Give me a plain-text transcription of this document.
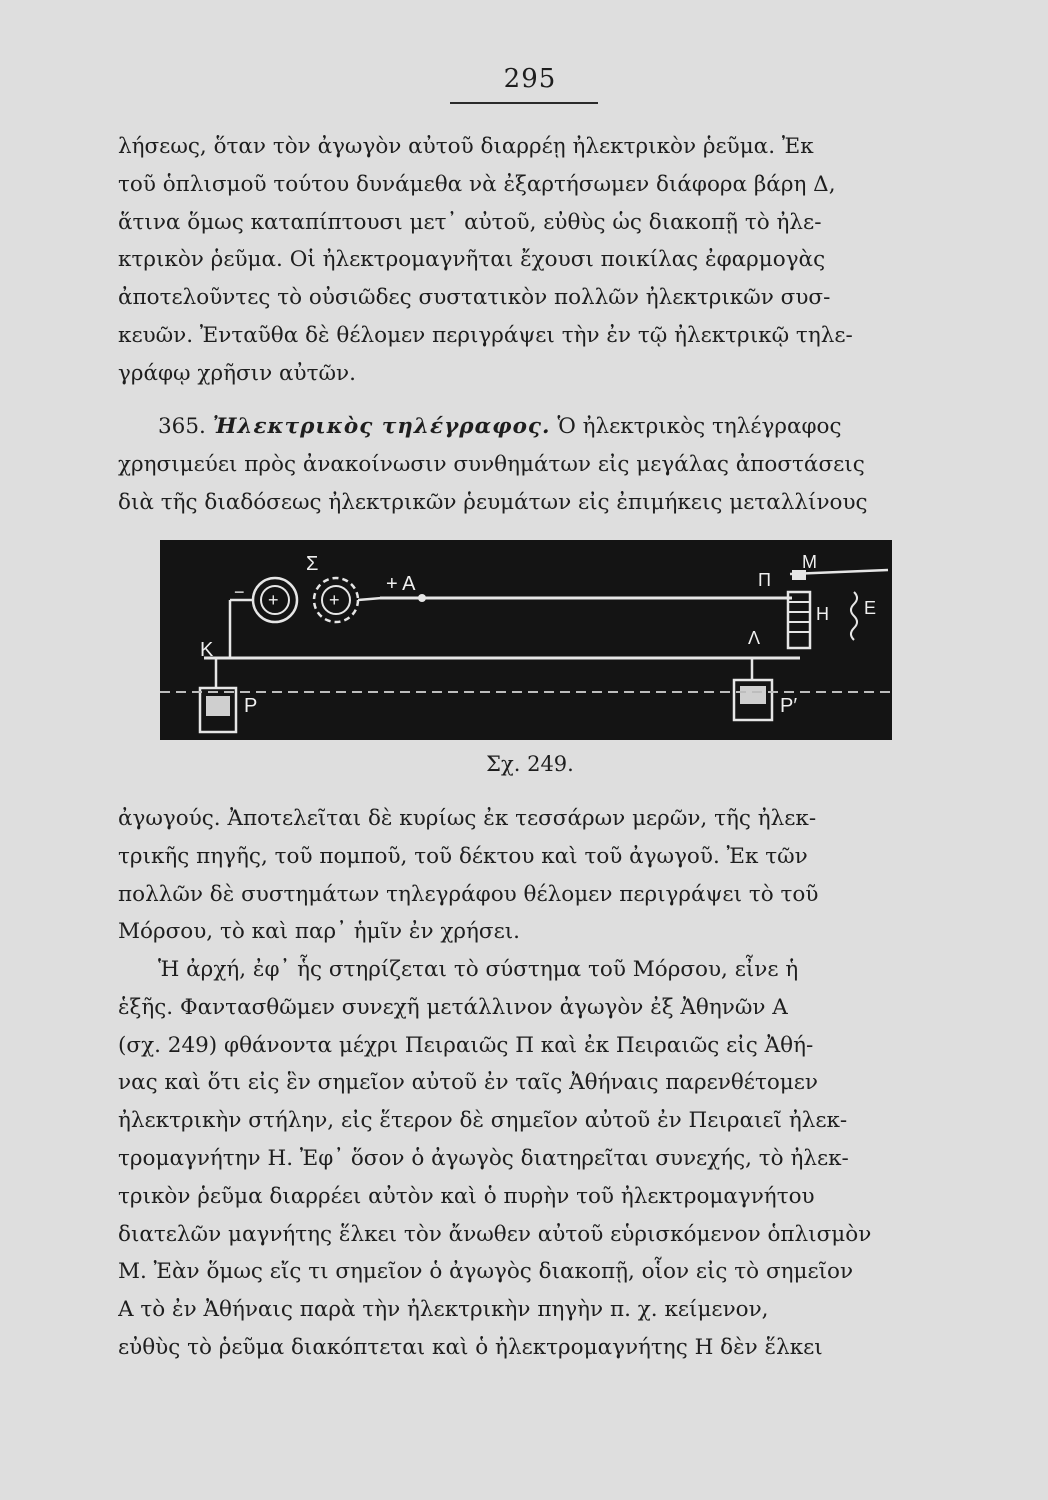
295
λήσεως, ὅταν τὸν ἀγωγὸν αὐτοῦ διαρρέῃ ἠλεκτρικὸν ῥεῦμα. Ἐκ
τοῦ ὁπλισμοῦ τούτου δυνάμεθα νὰ ἐξαρτήσωμεν διάφορα βάρη Δ,
ἅτινα ὅμως καταπίπτουσι μετ᾽ αὐτοῦ, εὐθὺς ὡς διακοπῇ τὸ ἠλε-
κτρικὸν ῥεῦμα. Οἱ ἠλεκτρομαγνῆται ἔχουσι ποικίλας ἐφαρμογὰς
ἀποτελοῦντες τὸ οὐσιῶδες συστατικὸν πολλῶν ἠλεκτρικῶν συσ-
κευῶν. Ἐνταῦθα δὲ θέλομεν περιγράψει τὴν ἐν τῷ ἠλεκτρικῷ τηλε-
γράφῳ χρῆσιν αὐτῶν.
365. Ἠλεκτρικὸς τηλέγραφος. Ὁ ἠλεκτρικὸς τηλέγραφος
χρησιμεύει πρὸς ἀνακοίνωσιν συνθημάτων εἰς μεγάλας ἀποστάσεις
διὰ τῆς διαδόσεως ἠλεκτρικῶν ῥευμάτων εἰς ἐπιμήκεις μεταλλίνους
Σ
+ A
− +	+
Π
M
H E
Λ
K
P	P′
Σχ. 249.
ἀγωγούς. Ἀποτελεῖται δὲ κυρίως ἐκ τεσσάρων μερῶν, τῆς ἠλεκ-
τρικῆς πηγῆς, τοῦ πομποῦ, τοῦ δέκτου καὶ τοῦ ἀγωγοῦ. Ἐκ τῶν
πολλῶν δὲ συστημάτων τηλεγράφου θέλομεν περιγράψει τὸ τοῦ
Μόρσου, τὸ καὶ παρ᾽ ἡμῖν ἐν χρήσει.
Ἡ ἀρχή, ἐφ᾽ ἧς στηρίζεται τὸ σύστημα τοῦ Μόρσου, εἶνε ἡ
ἑξῆς. Φαντασθῶμεν συνεχῆ μετάλλινον ἀγωγὸν ἐξ Ἀθηνῶν Α
(σχ. 249) φθάνοντα μέχρι Πειραιῶς Π καὶ ἐκ Πειραιῶς εἰς Ἀθή-
νας καὶ ὅτι εἰς ἓν σημεῖον αὐτοῦ ἐν ταῖς Ἀθήναις παρενθέτομεν
ἠλεκτρικὴν στήλην, εἰς ἕτερον δὲ σημεῖον αὐτοῦ ἐν Πειραιεῖ ἠλεκ-
τρομαγνήτην Η. Ἐφ᾽ ὅσον ὁ ἀγωγὸς διατηρεῖται συνεχής, τὸ ἠλεκ-
τρικὸν ῥεῦμα διαρρέει αὐτὸν καὶ ὁ πυρὴν τοῦ ἠλεκτρομαγνήτου
διατελῶν μαγνήτης ἕλκει τὸν ἄνωθεν αὐτοῦ εὑρισκόμενον ὁπλισμὸν
Μ. Ἐὰν ὅμως εἴς τι σημεῖον ὁ ἀγωγὸς διακοπῇ, οἷον εἰς τὸ σημεῖον
Α τὸ ἐν Ἀθήναις παρὰ τὴν ἠλεκτρικὴν πηγὴν π. χ. κείμενον,
εὐθὺς τὸ ῥεῦμα διακόπτεται καὶ ὁ ἠλεκτρομαγνήτης Η δὲν ἕλκει
